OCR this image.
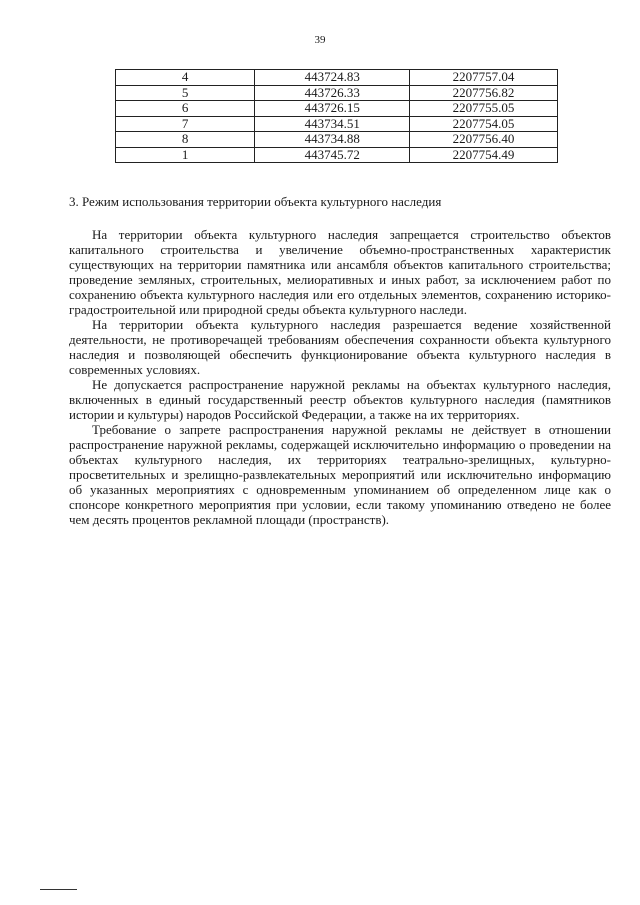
39
4	443724.83	2207757.04
5	443726.33	2207756.82
6	443726.15	2207755.05
7	443734.51	2207754.05
8	443734.88	2207756.40
1	443745.72	2207754.49
3. Режим использования территории объекта культурного наследия

На территории объекта культурного наследия запрещается строительство объектов капитального строительства и увеличение объемно-пространственных характеристик существующих на территории памятника или ансамбля объектов капитального строительства; проведение земляных, строительных, мелиоративных и иных работ, за исключением работ по сохранению объекта культурного наследия или его отдельных элементов, сохранению историко-градостроительной или природной среды объекта культурного наследи.

На территории объекта культурного наследия разрешается ведение хозяйственной деятельности, не противоречащей требованиям обеспечения сохранности объекта культурного наследия и позволяющей обеспечить функционирование объекта культурного наследия в современных условиях.

Не допускается распространение наружной рекламы на объектах культурного наследия, включенных в единый государственный реестр объектов культурного наследия (памятников истории и культуры) народов Российской Федерации, а также на их территориях.

Требование о запрете распространения наружной рекламы не действует в отношении распространение наружной рекламы, содержащей исключительно информацию о проведении на объектах культурного наследия, их территориях театрально-зрелищных, культурно-просветительных и зрелищно-развлекательных мероприятий или исключительно информацию об указанных мероприятиях с одновременным упоминанием об определенном лице как о спонсоре конкретного мероприятия при условии, если такому упоминанию отведено не более чем десять процентов рекламной площади (пространств).
